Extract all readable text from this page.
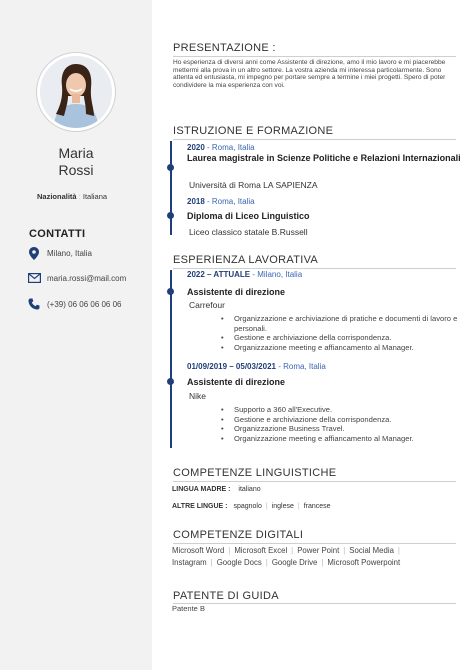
Maria
Rossi
Nazionalità : Italiana
CONTATTI
Milano, Italia
maria.rossi@mail.com
(+39) 06 06 06 06 06
PRESENTAZIONE :
Ho esperienza di diversi anni come Assistente di direzione, amo il mio lavoro e mi piacerebbe mettermi alla prova in un altro settore. La vostra azienda mi interessa particolarmente. Sono attenta ed entusiasta, mi impegno per portare sempre a termine i miei progetti. Spero di poter condividere la mia esperienza con voi.
ISTRUZIONE E FORMAZIONE
2020 - Roma, Italia
Laurea magistrale in Scienze Politiche e Relazioni Internazionali
Università di Roma LA SAPIENZA
2018 - Roma, Italia
Diploma di Liceo Linguistico
Liceo classico statale B.Russell
ESPERIENZA LAVORATIVA
2022 – ATTUALE - Milano, Italia
Assistente di direzione
Carrefour
• Organizzazione e archiviazione di pratiche e documenti di lavoro e personali.
• Gestione e archiviazione della corrispondenza.
• Organizzazione meeting e affiancamento al Manager.
01/09/2019 – 05/03/2021 - Roma, Italia
Assistente di direzione
Nike
• Supporto a 360 all'Executive.
• Gestione e archiviazione della corrispondenza.
• Organizzazione Business Travel.
• Organizzazione meeting e affiancamento al Manager.
COMPETENZE LINGUISTICHE
LINGUA MADRE : italiano
ALTRE LINGUE : spagnolo | inglese | francese
COMPETENZE DIGITALI
Microsoft Word | Microsoft Excel | Power Point | Social Media |
Instagram | Google Docs | Google Drive | Microsoft Powerpoint
PATENTE DI GUIDA
Patente B
